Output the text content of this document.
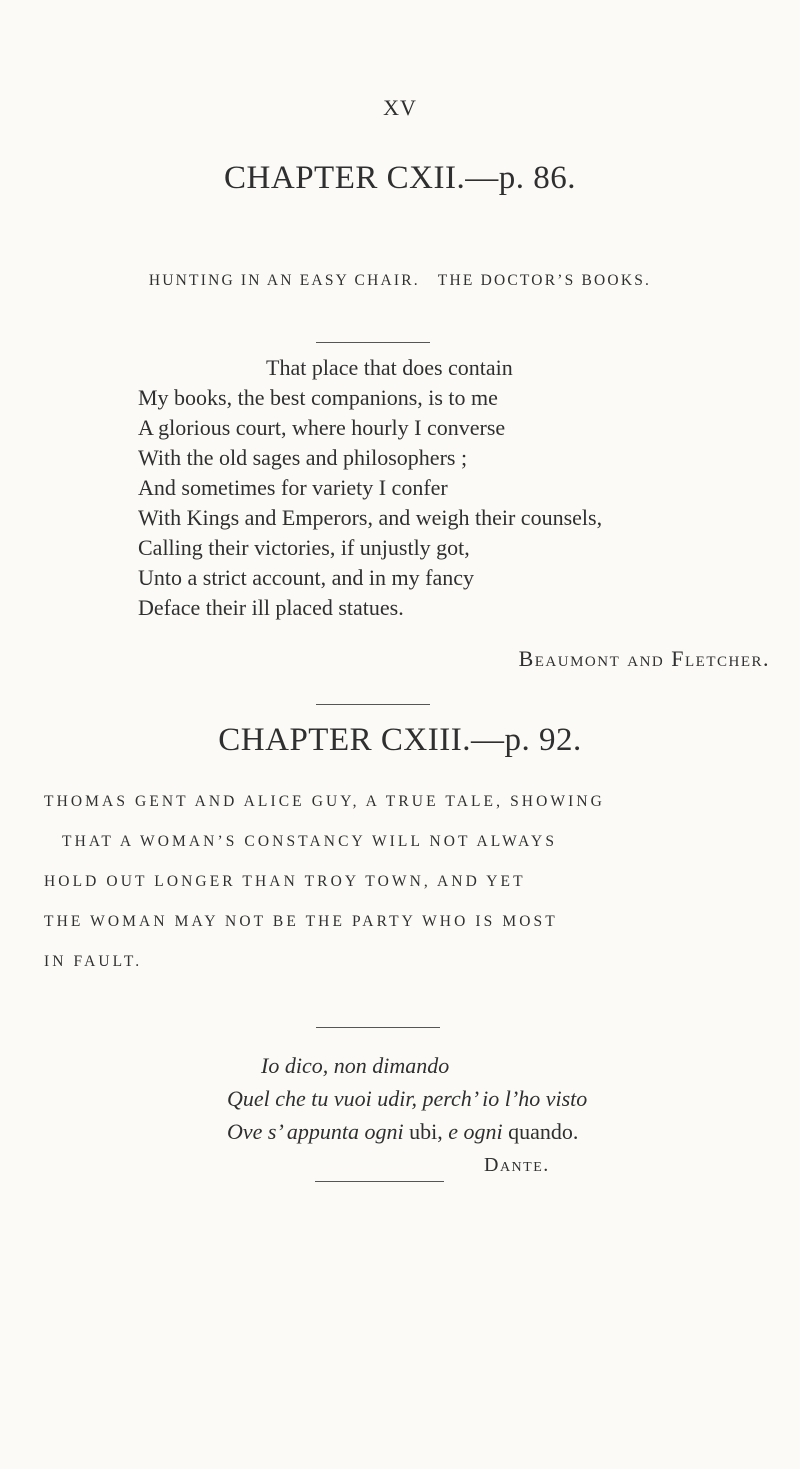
XV
CHAPTER CXII.—p. 86.
HUNTING IN AN EASY CHAIR.   THE DOCTOR’S BOOKS.
That place that does contain
My books, the best companions, is to me
A glorious court, where hourly I converse
With the old sages and philosophers ;
And sometimes for variety I confer
With Kings and Emperors, and weigh their counsels,
Calling their victories, if unjustly got,
Unto a strict account, and in my fancy
Deface their ill placed statues.
Beaumont and Fletcher.
CHAPTER CXIII.—p. 92.
THOMAS GENT AND ALICE GUY, A TRUE TALE, SHOWING
THAT A WOMAN’S CONSTANCY WILL NOT ALWAYS
HOLD OUT LONGER THAN TROY TOWN, AND YET
THE WOMAN MAY NOT BE THE PARTY WHO IS MOST
IN FAULT.
Io dico, non dimando
Quel che tu vuoi udir, perch’ io l’ho visto
Ove s’ appunta ogni ubi, e ogni quando.
Dante.
